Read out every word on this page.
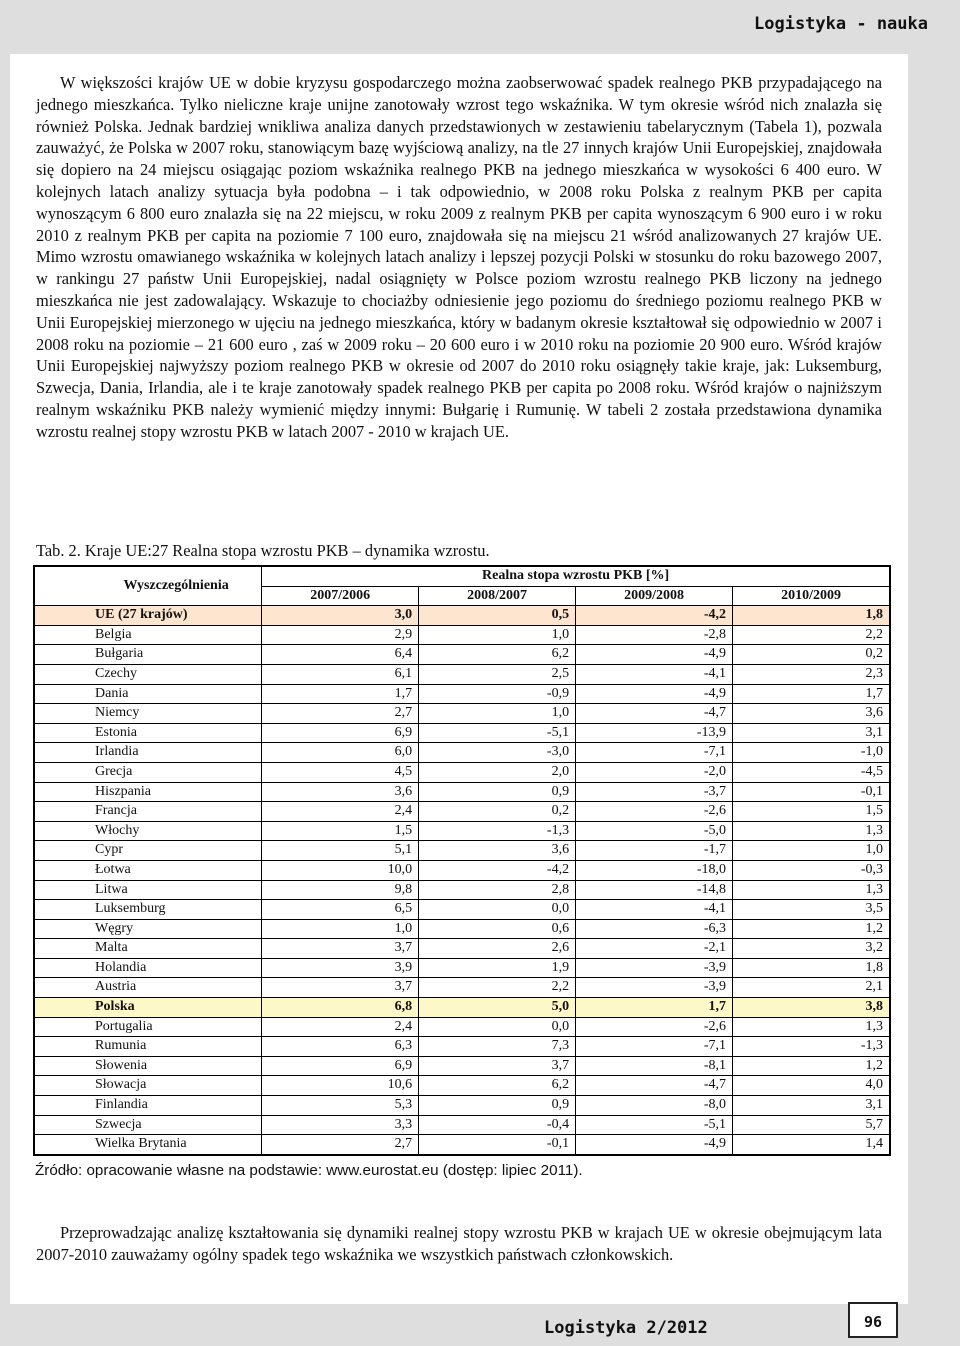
Logistyka - nauka

W większości krajów UE w dobie kryzysu gospodarczego można zaobserwować spadek realnego PKB przypadającego na jednego mieszkańca. Tylko nieliczne kraje unijne zanotowały wzrost tego wskaźnika. W tym okresie wśród nich znalazła się również Polska. Jednak bardziej wnikliwa analiza danych przedstawionych w zestawieniu tabelarycznym (Tabela 1), pozwala zauważyć, że Polska w 2007 roku, stanowiącym bazę wyjściową analizy, na tle 27 innych krajów Unii Europejskiej, znajdowała się dopiero na 24 miejscu osiągając poziom wskaźnika realnego PKB na jednego mieszkańca w wysokości 6 400 euro. W kolejnych latach analizy sytuacja była podobna – i tak odpowiednio, w 2008 roku Polska z realnym PKB per capita wynoszącym 6 800 euro znalazła się na 22 miejscu, w roku 2009 z realnym PKB per capita wynoszącym 6 900 euro i w roku 2010 z realnym PKB per capita na poziomie 7 100 euro, znajdowała się na miejscu 21 wśród analizowanych 27 krajów UE. Mimo wzrostu omawianego wskaźnika w kolejnych latach analizy i lepszej pozycji Polski w stosunku do roku bazowego 2007, w rankingu 27 państw Unii Europejskiej, nadal osiągnięty w Polsce poziom wzrostu realnego PKB liczony na jednego mieszkańca nie jest zadowalający. Wskazuje to chociażby odniesienie jego poziomu do średniego poziomu realnego PKB w Unii Europejskiej mierzonego w ujęciu na jednego mieszkańca, który w badanym okresie kształtował się odpowiednio w 2007 i 2008 roku na poziomie – 21 600 euro , zaś w 2009 roku – 20 600 euro i w 2010 roku na poziomie 20 900 euro. Wśród krajów Unii Europejskiej najwyższy poziom realnego PKB w okresie od 2007 do 2010 roku osiągnęły takie kraje, jak: Luksemburg, Szwecja, Dania, Irlandia, ale i te kraje zanotowały spadek realnego PKB per capita po 2008 roku. Wśród krajów o najniższym realnym wskaźniku PKB należy wymienić między innymi: Bułgarię i Rumunię. W tabeli 2 została przedstawiona dynamika wzrostu realnej stopy wzrostu PKB w latach 2007 - 2010 w krajach UE.

Tab. 2. Kraje UE:27 Realna stopa wzrostu PKB – dynamika wzrostu.

Wyszczególnienia	Realna stopa wzrostu PKB [%]			
	2007/2006	2008/2007	2009/2008	2010/2009
UE (27 krajów)	3,0	0,5	-4,2	1,8
Belgia	2,9	1,0	-2,8	2,2
Bułgaria	6,4	6,2	-4,9	0,2
Czechy	6,1	2,5	-4,1	2,3
Dania	1,7	-0,9	-4,9	1,7
Niemcy	2,7	1,0	-4,7	3,6
Estonia	6,9	-5,1	-13,9	3,1
Irlandia	6,0	-3,0	-7,1	-1,0
Grecja	4,5	2,0	-2,0	-4,5
Hiszpania	3,6	0,9	-3,7	-0,1
Francja	2,4	0,2	-2,6	1,5
Włochy	1,5	-1,3	-5,0	1,3
Cypr	5,1	3,6	-1,7	1,0
Łotwa	10,0	-4,2	-18,0	-0,3
Litwa	9,8	2,8	-14,8	1,3
Luksemburg	6,5	0,0	-4,1	3,5
Węgry	1,0	0,6	-6,3	1,2
Malta	3,7	2,6	-2,1	3,2
Holandia	3,9	1,9	-3,9	1,8
Austria	3,7	2,2	-3,9	2,1
Polska	6,8	5,0	1,7	3,8
Portugalia	2,4	0,0	-2,6	1,3
Rumunia	6,3	7,3	-7,1	-1,3
Słowenia	6,9	3,7	-8,1	1,2
Słowacja	10,6	6,2	-4,7	4,0
Finlandia	5,3	0,9	-8,0	3,1
Szwecja	3,3	-0,4	-5,1	5,7
Wielka Brytania	2,7	-0,1	-4,9	1,4

Źródło: opracowanie własne na podstawie: www.eurostat.eu (dostęp: lipiec 2011).

Przeprowadzając analizę kształtowania się dynamiki realnej stopy wzrostu PKB w krajach UE w okresie obejmującym lata 2007-2010 zauważamy ogólny spadek tego wskaźnika we wszystkich państwach członkowskich.

Logistyka 2/2012	96
